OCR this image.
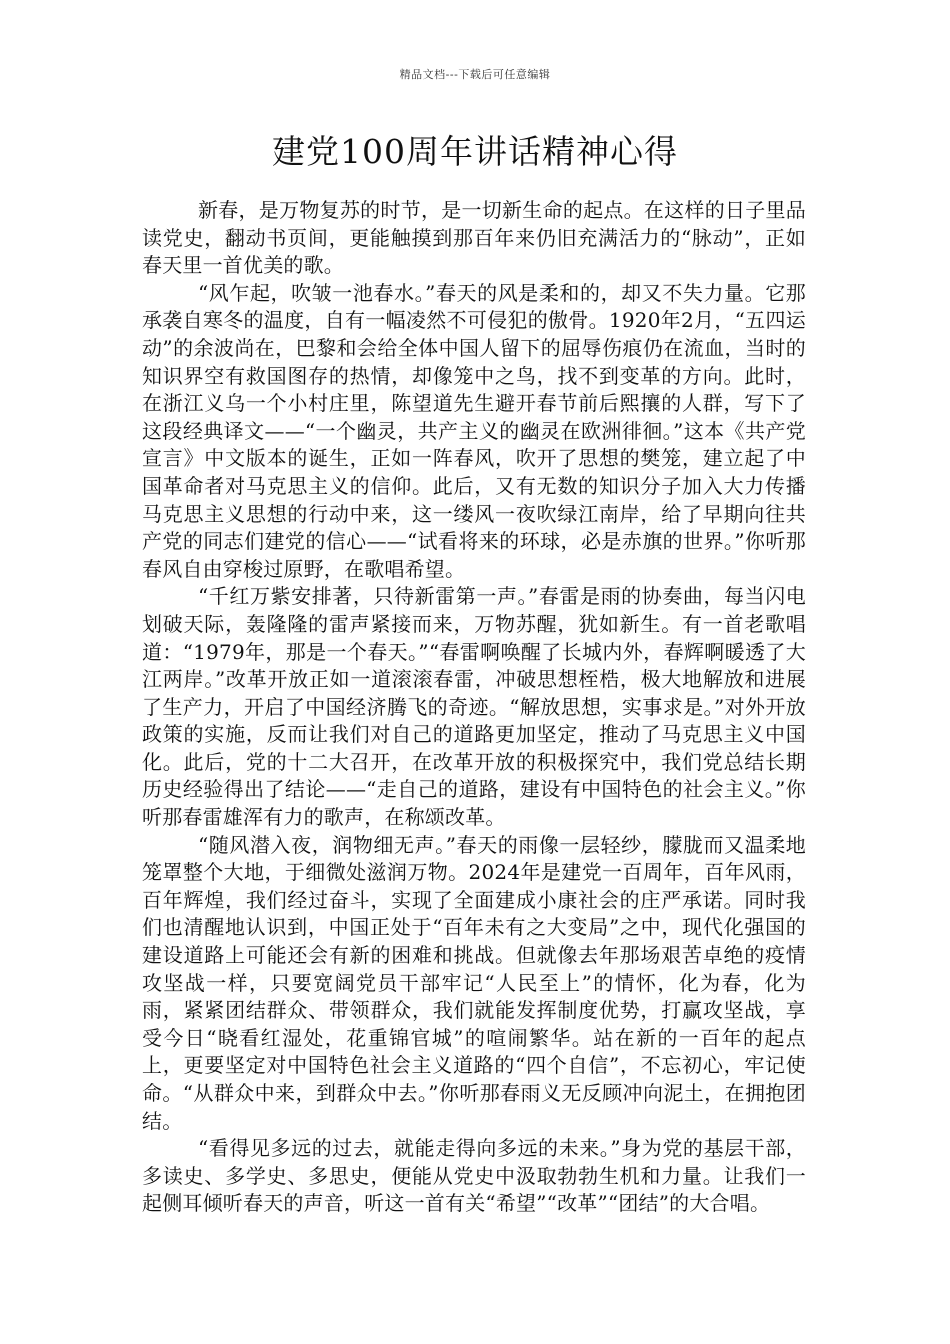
精品文档---下载后可任意编辑
建党100周年讲话精神心得

新春，是万物复苏的时节，是一切新生命的起点。在这样的日子里品读党史，翻动书页间，更能触摸到那百年来仍旧充满活力的“脉动”，正如春天里一首优美的歌。

“风乍起，吹皱一池春水。”春天的风是柔和的，却又不失力量。它那承袭自寒冬的温度，自有一幅凌然不可侵犯的傲骨。1920年2月，“五四运动”的余波尚在，巴黎和会给全体中国人留下的屈辱伤痕仍在流血，当时的知识界空有救国图存的热情，却像笼中之鸟，找不到变革的方向。此时，在浙江义乌一个小村庄里，陈望道先生避开春节前后熙攘的人群，写下了这段经典译文——“一个幽灵，共产主义的幽灵在欧洲徘徊。”这本《共产党宣言》中文版本的诞生，正如一阵春风，吹开了思想的樊笼，建立起了中国革命者对马克思主义的信仰。此后，又有无数的知识分子加入大力传播马克思主义思想的行动中来，这一缕风一夜吹绿江南岸，给了早期向往共产党的同志们建党的信心——“试看将来的环球，必是赤旗的世界。”你听那春风自由穿梭过原野，在歌唱希望。

“千红万紫安排著，只待新雷第一声。”春雷是雨的协奏曲，每当闪电划破天际，轰隆隆的雷声紧接而来，万物苏醒，犹如新生。有一首老歌唱道：“1979年，那是一个春天。”“春雷啊唤醒了长城内外，春辉啊暖透了大江两岸。”改革开放正如一道滚滚春雷，冲破思想桎梏，极大地解放和进展了生产力，开启了中国经济腾飞的奇迹。“解放思想，实事求是。”对外开放政策的实施，反而让我们对自己的道路更加坚定，推动了马克思主义中国化。此后，党的十二大召开，在改革开放的积极探究中，我们党总结长期历史经验得出了结论——“走自己的道路，建设有中国特色的社会主义。”你听那春雷雄浑有力的歌声，在称颂改革。

“随风潜入夜，润物细无声。”春天的雨像一层轻纱，朦胧而又温柔地笼罩整个大地，于细微处滋润万物。2024年是建党一百周年，百年风雨，百年辉煌，我们经过奋斗，实现了全面建成小康社会的庄严承诺。同时我们也清醒地认识到，中国正处于“百年未有之大变局”之中，现代化强国的建设道路上可能还会有新的困难和挑战。但就像去年那场艰苦卓绝的疫情攻坚战一样，只要宽阔党员干部牢记“人民至上”的情怀，化为春，化为雨，紧紧团结群众、带领群众，我们就能发挥制度优势，打赢攻坚战，享受今日“晓看红湿处，花重锦官城”的喧闹繁华。站在新的一百年的起点上，更要坚定对中国特色社会主义道路的“四个自信”，不忘初心，牢记使命。“从群众中来，到群众中去。”你听那春雨义无反顾冲向泥土，在拥抱团结。

“看得见多远的过去，就能走得向多远的未来。”身为党的基层干部，多读史、多学史、多思史，便能从党史中汲取勃勃生机和力量。让我们一起侧耳倾听春天的声音，听这一首有关“希望”“改革”“团结”的大合唱。
